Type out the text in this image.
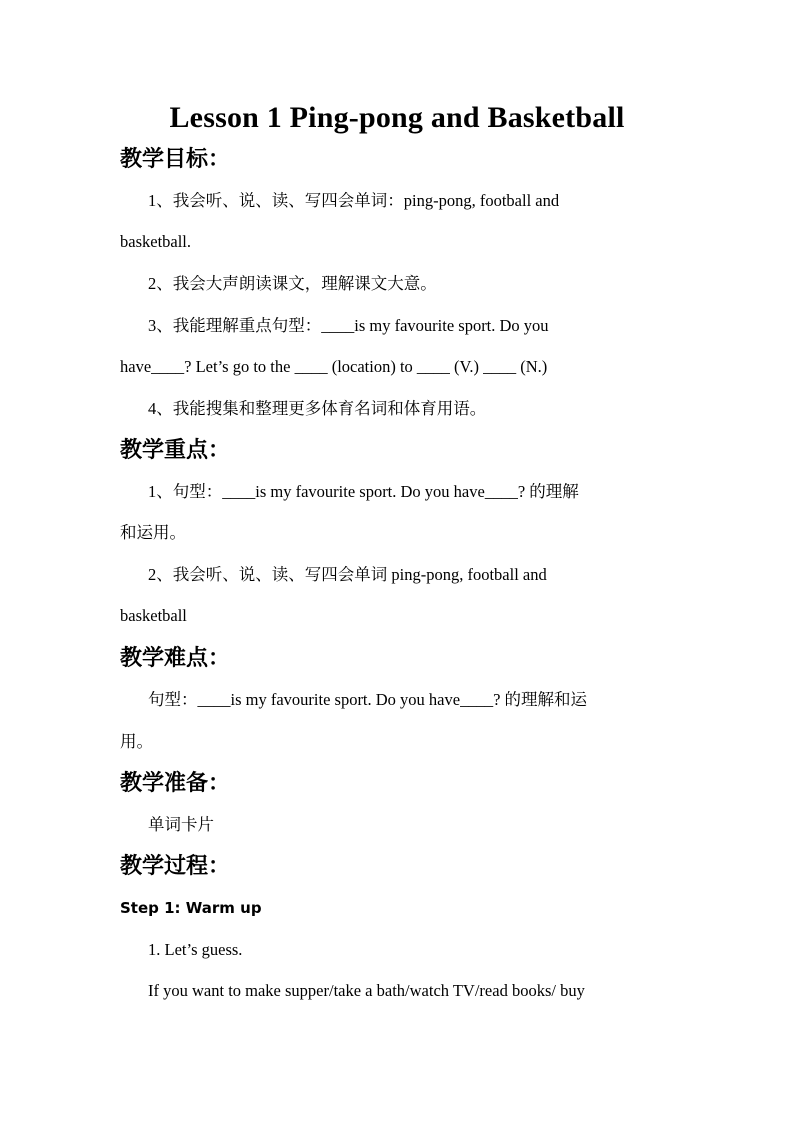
Lesson 1 Ping-pong and Basketball
教学目标：
1、我会听、说、读、写四会单词：ping-pong, football and
basketball.
2、我会大声朗读课文，理解课文大意。
3、我能理解重点句型：____is my favourite sport. Do you
have____? Let’s go to the ____ (location) to ____ (V.) ____ (N.)
4、我能搜集和整理更多体育名词和体育用语。
教学重点：
1、句型：____is my favourite sport. Do you have____? 的理解
和运用。
2、我会听、说、读、写四会单词 ping-pong, football and
basketball
教学难点：
句型：____is my favourite sport. Do you have____? 的理解和运
用。
教学准备：
单词卡片
教学过程：
Step 1: Warm up
1. Let’s guess.
If you want to make supper/take a bath/watch TV/read books/ buy
